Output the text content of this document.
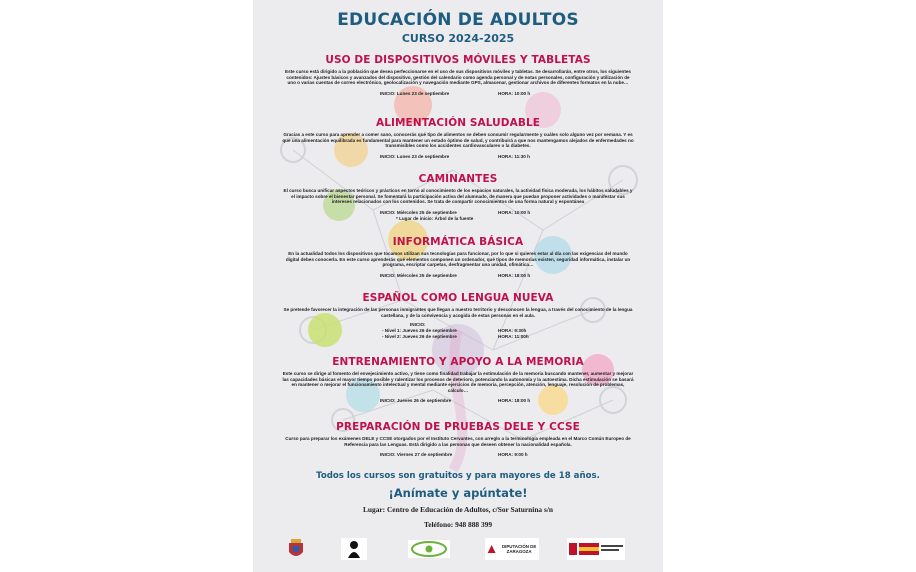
EDUCACIÓN DE ADULTOS
CURSO 2024-2025
USO DE DISPOSITIVOS MÓVILES Y TABLETAS

Este curso está dirigido a la población que desea perfeccionarse en el uso de sus dispositivos móviles y tabletas. Se desarrollarán, entre otros, los siguientes contenidos: Ajustes básicos y avanzados del dispositivo, gestión del calendario como agenda personal y de notas personales, configuración y utilización de uno o varias cuentas de correo electrónico, geolocalización y navegación mediante GPS, almacenar, gestionar archivos de diferentes formatos en la nube…

INICIO: Lunes 23 de septiembre	HORA: 10:00 h
ALIMENTACIÓN SALUDABLE

Gracias a este curso para aprender a comer sano, conocerás qué tipo de alimentos se deben consumir regularmente y cuáles solo alguno vez por semana. Y es que una alimentación equilibrada es fundamental para mantener un estado óptimo de salud, y contribuirá a que nos mantengamos alejados de enfermedades no transmisibles como los accidentes cardiovasculares o la diabetes.

INICIO: Lunes 23 de septiembre	HORA: 11:30 h
CAMINANTES

El curso busca unificar aspectos teóricos y prácticos en torno al conocimiento de los espacios naturales, la actividad física moderada, los hábitos saludables y el impacto sobre el bienestar personal. Se fomentará la participación activa del alumnado, de manera que puedan proponer actividades o manifestar sus intereses relacionados con los contenidos. Se trata de compartir conocimientos de una forma natural y espontánea

INICIO: Miércoles 25 de septiembre	HORA: 10:00 h
* Lugar de inicio: Árbol de la fuente
INFORMÁTICA BÁSICA

En la actualidad todos los dispositivos que tocamos utilizan sus tecnologías para funcionar, por lo que si quieres estar al día con las exigencias del mundo digital debes conocerla. En este curso aprenderás qué elementos componen un ordenador, qué tipos de memorias existen, seguridad informática, instalar un programa, encriptar carpetas, desfragmentar una unidad, ofimática…

INICIO: Miércoles 25 de septiembre	HORA: 18:00 h
ESPAÑOL COMO LENGUA NUEVA

Se pretende favorecer la integración de las personas inmigrantes que llegan a nuestro territorio y desconocen la lengua, a través del conocimiento de la lengua castellana, y de la convivencia y acogida de estas personas en el aula.

INICIO:
- Nivel 1: Jueves 26 de septiembre	HORA: 9:30h
- Nivel 2: Jueves 26 de septiembre	HORA: 11:00h
ENTRENAMIENTO Y APOYO A LA MEMORIA

Este curso se dirige al fomento del envejecimiento activo, y tiene como finalidad trabajar la estimulación de la memoria buscando mantener, aumentar y mejorar las capacidades básicas el mayor tiempo posible y ralentizar los procesos de deterioro, potenciando la autonomía y la autoestima. Dicha estimulación se basará en mantener o mejorar el funcionamiento intelectual y mental mediante ejercicios de memoria, percepción, atención, lenguaje, resolución de problemas, cálculo…

INICIO: Jueves 26 de septiembre	HORA: 18:00 h
PREPARACIÓN DE PRUEBAS DELE Y CCSE

Curso para preparar los exámenes DELE y CCSE otorgados por el Instituto Cervantes, con arreglo a la terminología empleada en el Marco Común Europeo de Referencia para las Lenguas. Está dirigido a las personas que deseen obtener la nacionalidad española.

INICIO: Viernes 27 de septiembre	HORA: 9:00 h
Todos los cursos son gratuitos y para mayores de 18 años.
¡Anímate y apúntate!
Lugar: Centro de Educación de Adultos, c/Sor Saturnina s/n
Teléfono: 948 888 399
DIPUTACIÓN DE ZARAGOZA
